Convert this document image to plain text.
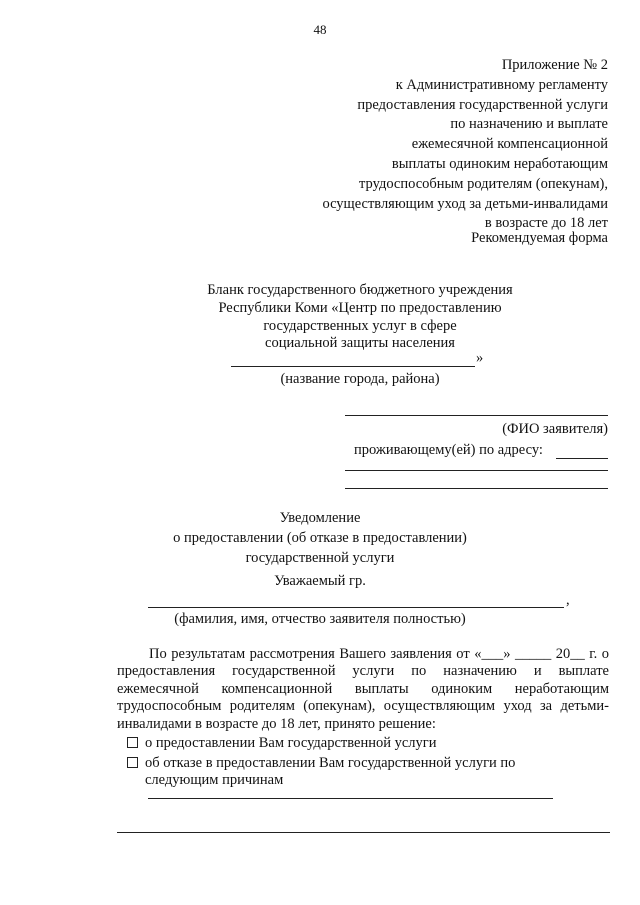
48
Приложение № 2
к Административному регламенту
предоставления государственной услуги
по назначению и выплате
ежемесячной компенсационной
выплаты одиноким неработающим
трудоспособным родителям (опекунам),
осуществляющим уход за детьми-инвалидами
в возрасте до 18 лет
Рекомендуемая форма
Бланк государственного бюджетного учреждения
Республики Коми «Центр по предоставлению
государственных услуг в сфере
социальной защиты населения
»
(название города, района)
(ФИО заявителя)
проживающему(ей) по адресу:
Уведомление
о предоставлении (об отказе в предоставлении)
государственной услуги
Уважаемый гр.
,
(фамилия, имя, отчество заявителя полностью)
По результатам рассмотрения Вашего заявления от «___» _____ 20__ г. о предоставления государственной услуги по назначению и выплате ежемесячной компенсационной выплаты одиноким неработающим трудоспособным родителям (опекунам), осуществляющим уход за детьми-инвалидами в возрасте до 18 лет, принято решение:
о предоставлении Вам государственной услуги
об отказе в предоставлении Вам государственной услуги по
следующим причинам
